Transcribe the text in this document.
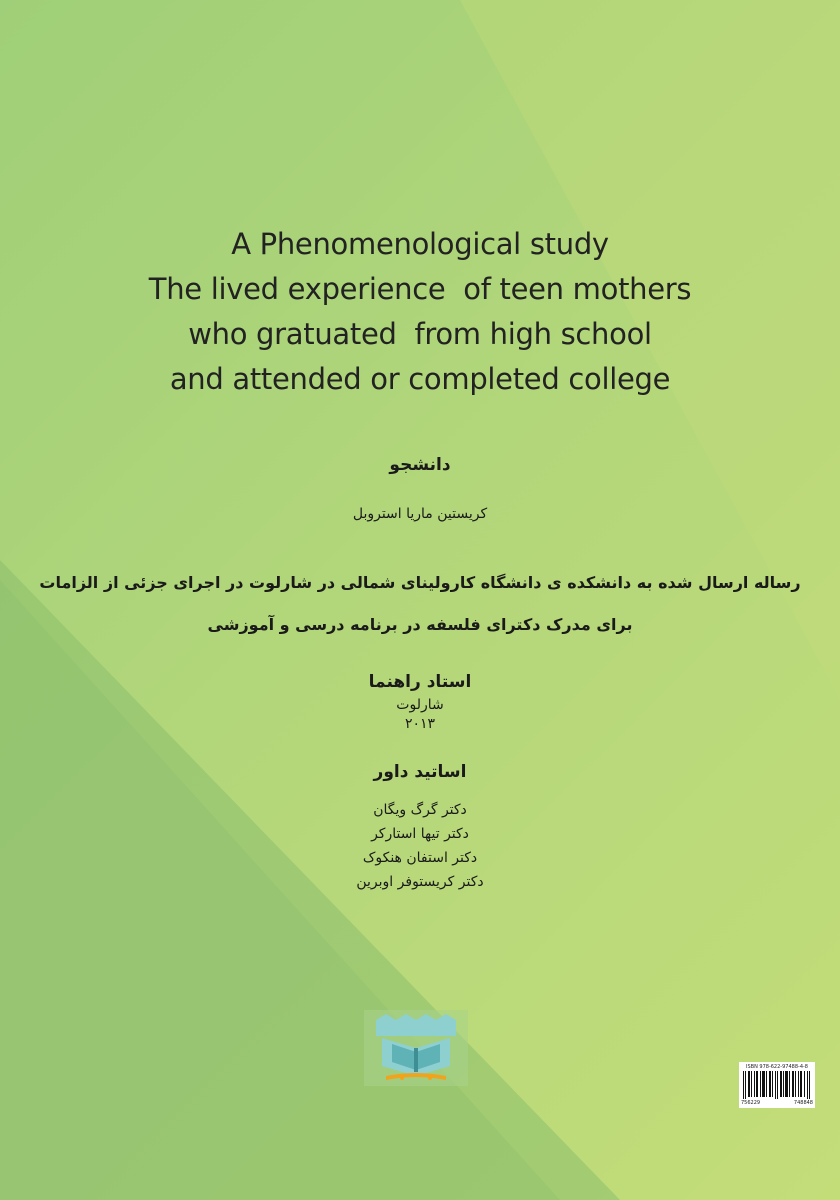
A Phenomenological study
The lived experience  of teen mothers
who gratuated  from high school
and attended or completed college
دانشجو
کریستین ماریا استروبل
رساله ارسال شده به دانشکده ی دانشگاه کارولینای شمالی در شارلوت در اجرای جزئی از الزامات
برای مدرک دکترای فلسفه در برنامه درسی و آموزشی
استاد راهنما
شارلوت
۲۰۱۳
اساتید داور
دکتر گرگ ویگان
دکتر تیها استارکر
دکتر استفان هنکوک
دکتر کریستوفر اوبرین
ISBN 978-622-97488-4-8
756229	748848
